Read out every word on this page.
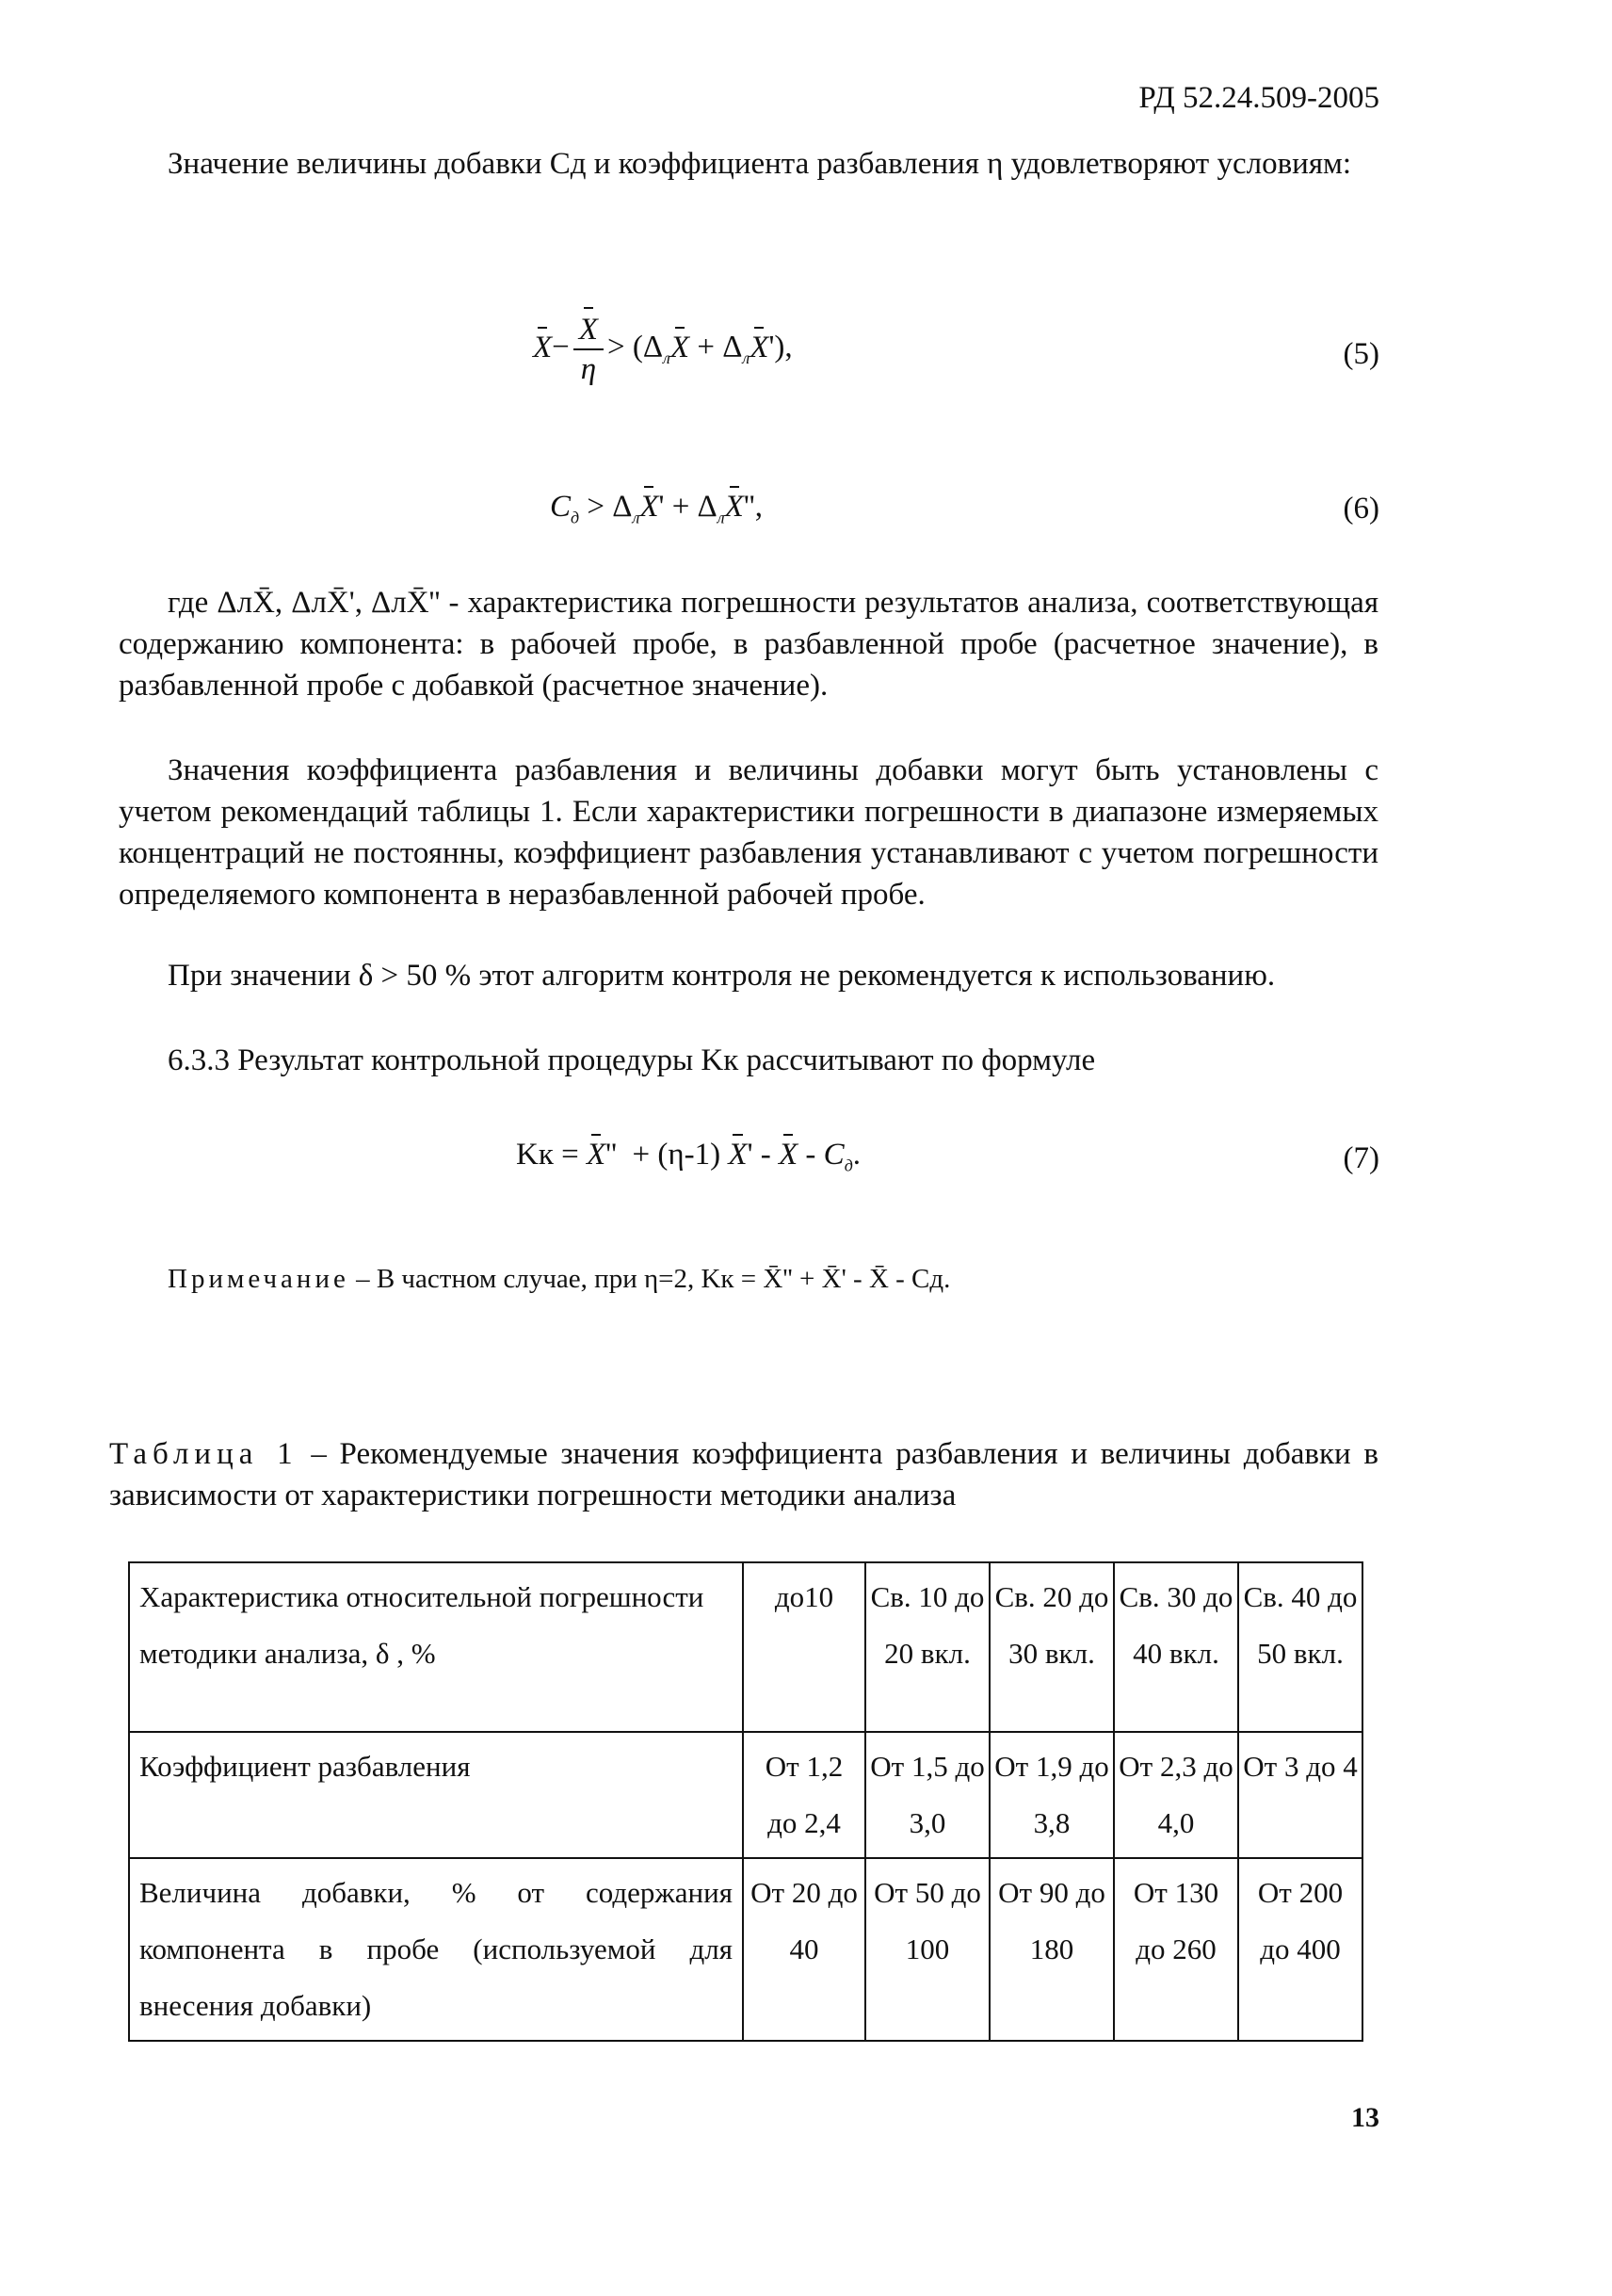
РД 52.24.509-2005
Значение величины добавки Cд и коэффициента разбавления η удовлетворяют условиям:
$X- \frac{X}{\eta} > (\Delta_лX + \Delta_лX')$,	(5)
$C_д > \Delta_лX' + \Delta_лX''$,	(6)
где ΔлX̄, ΔлX̄', ΔлX̄'' - характеристика погрешности результатов анализа, соответствующая содержанию компонента: в рабочей пробе, в разбавленной пробе (расчетное значение), в разбавленной пробе с добавкой (расчетное значение).
Значения коэффициента разбавления и величины добавки могут быть установлены с учетом рекомендаций таблицы 1. Если характеристики погрешности в диапазоне измеряемых концентраций не постоянны, коэффициент разбавления устанавливают с учетом погрешности определяемого компонента в неразбавленной рабочей пробе.
При значении δ > 50 % этот алгоритм контроля не рекомендуется к использованию.
6.3.3 Результат контрольной процедуры Kк рассчитывают по формуле
Kк = X''  + (η-1) X' - X - $C_д$.	(7)
Примечание – В частном случае, при η=2, Kк = X̄'' + X̄' - X̄ - Cд.
Таблица 1 – Рекомендуемые значения коэффициента разбавления и величины добавки в зависимости от характеристики погрешности методики анализа
Характеристика относительной погрешности методики анализа, δ , %	до10	Св. 10 до 20 вкл.	Св. 20 до 30 вкл.	Св. 30 до 40 вкл.	Св. 40 до 50 вкл.
Коэффициент разбавления	От 1,2 до 2,4	От 1,5 до 3,0	От 1,9 до 3,8	От 2,3 до 4,0	От 3 до 4
Величина добавки, % от содержания компонента в пробе (используемой для внесения добавки)	От 20 до 40	От 50 до 100	От 90 до 180	От 130 до 260	От 200 до 400
13
